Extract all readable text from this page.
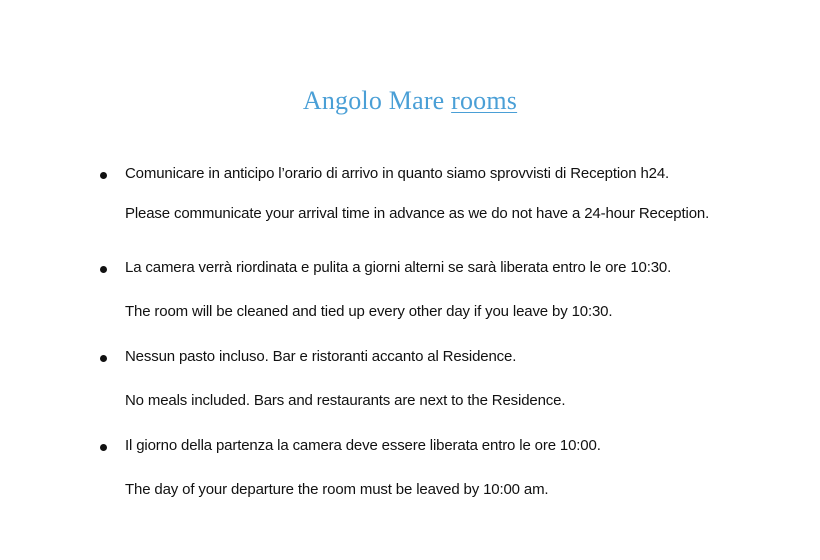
Angolo Mare rooms
Comunicare in anticipo l’orario di arrivo in quanto siamo sprovvisti di Reception h24.
Please communicate your arrival time in advance as we do not have a 24-hour Reception.
La camera verrà riordinata e pulita a giorni alterni se sarà liberata entro le ore 10:30.
The room will be cleaned and tied up every other day if you leave by 10:30.
Nessun pasto incluso. Bar e ristoranti accanto al Residence.
No meals included. Bars and restaurants are next to the Residence.
Il giorno della partenza la camera deve essere liberata entro le ore 10:00.
The day of your departure the room must be leaved by 10:00 am.
